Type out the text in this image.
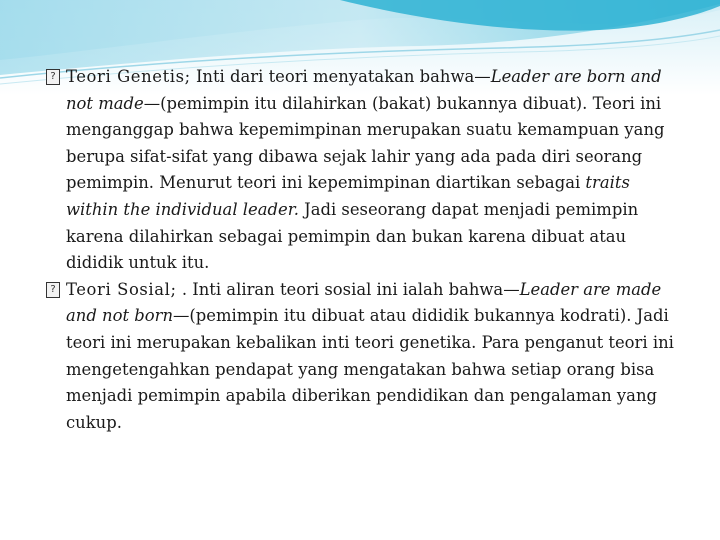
? Teori Genetis; Inti dari teori menyatakan bahwa—Leader are born and not made—(pemimpin itu dilahirkan (bakat) bukannya dibuat). Teori ini menganggap bahwa kepemimpinan merupakan suatu kemampuan yang berupa sifat-sifat yang dibawa sejak lahir yang ada pada diri seorang pemimpin. Menurut teori ini kepemimpinan diartikan sebagai traits within the individual leader. Jadi seseorang dapat menjadi pemimpin karena dilahirkan sebagai pemimpin dan bukan karena dibuat atau dididik untuk itu.

? Teori Sosial; . Inti aliran teori sosial ini ialah bahwa—Leader are made and not born—(pemimpin itu dibuat atau dididik bukannya kodrati). Jadi teori ini merupakan kebalikan inti teori genetika. Para penganut teori ini mengetengahkan pendapat yang mengatakan bahwa setiap orang bisa menjadi pemimpin apabila diberikan pendidikan dan pengalaman yang cukup.
